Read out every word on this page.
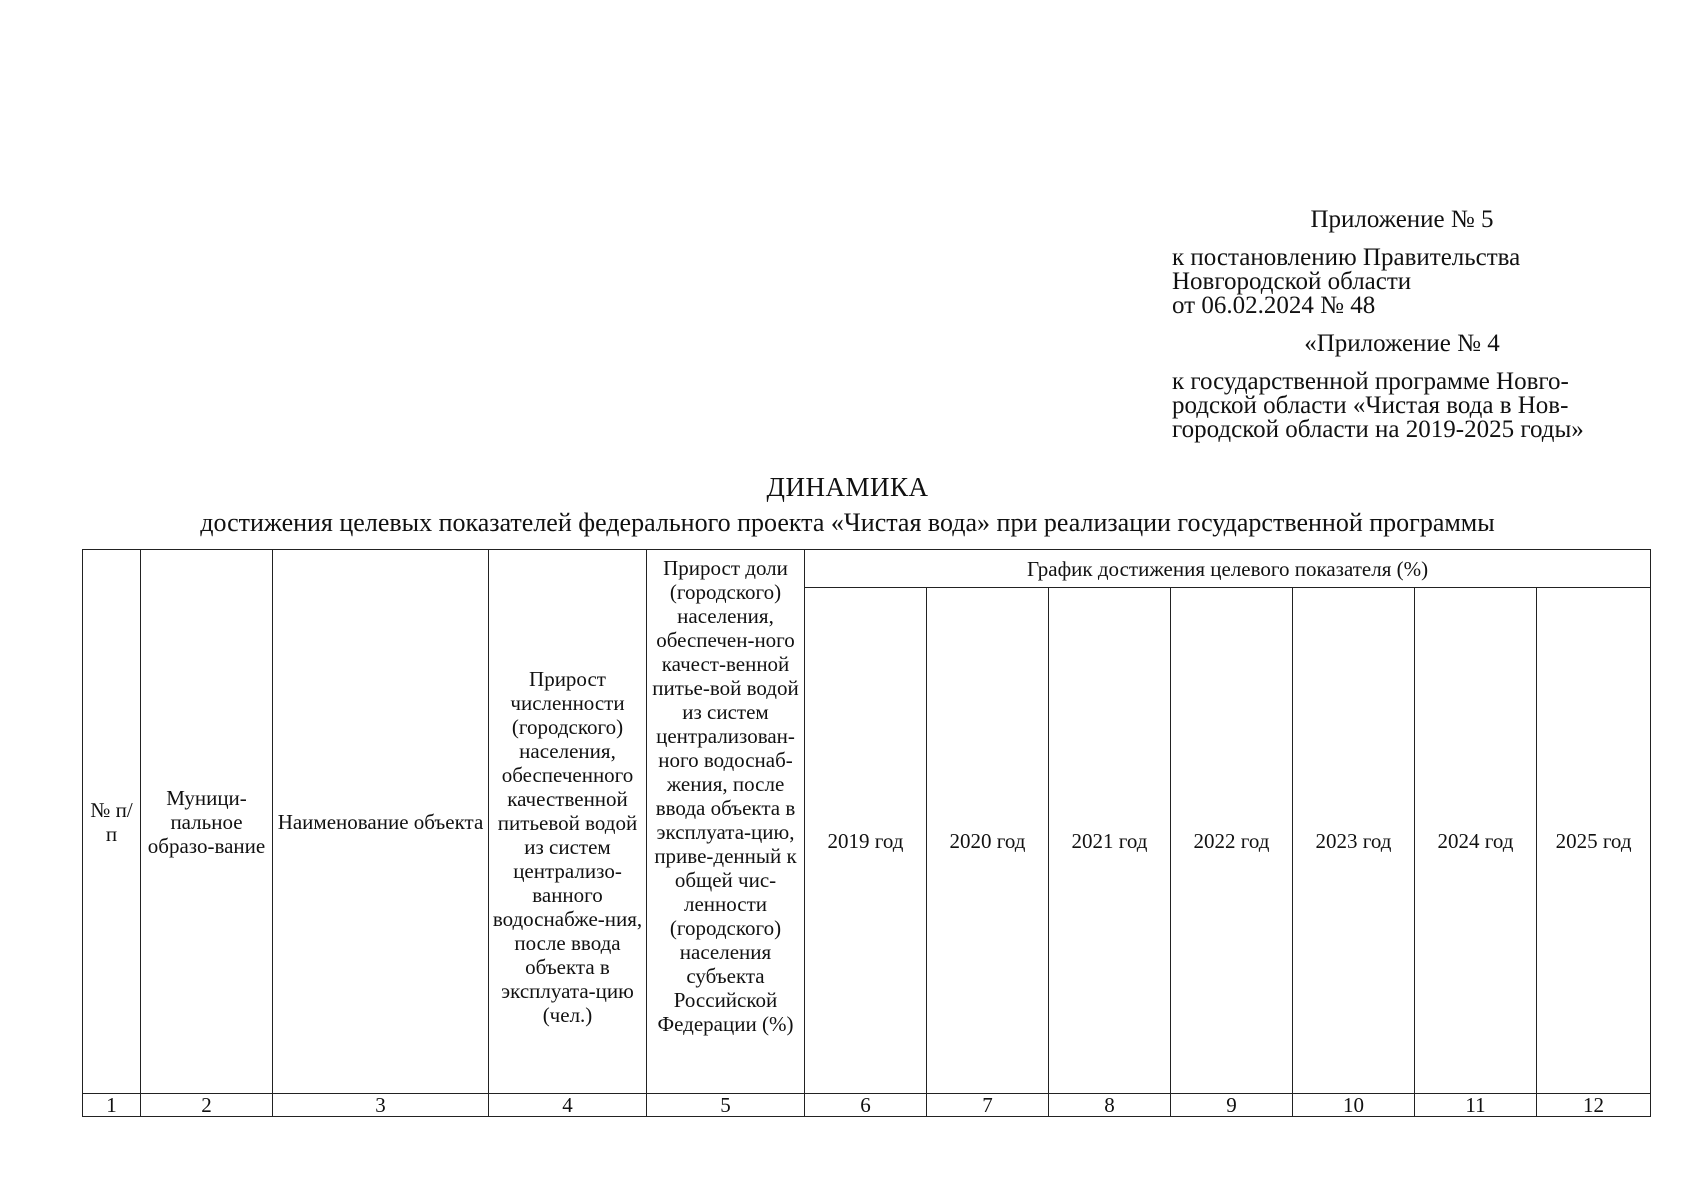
Приложение № 5
к постановлению Правительства
Новгородской области
от 06.02.2024 № 48
«Приложение № 4
к государственной программе Новго-
родской области «Чистая вода в Нов-
городской области на 2019-2025 годы»
ДИНАМИКА
достижения целевых показателей федерального проекта «Чистая вода» при реализации государственной программы
№ п/п	Муници-пальное образо-вание	Наименование объекта	Прирост численности (городского) населения, обеспеченного качественной питьевой водой из систем централизо-ванного водоснабже-ния, после ввода объекта в эксплуата-цию (чел.)	Прирост доли (городского) населения, обеспечен-ного качест-венной питье-вой водой из систем централизован-ного водоснаб-жения, после ввода объекта в эксплуата-цию, приве-денный к общей чис-ленности (городского) населения субъекта Российской Федерации (%)	График достижения целевого показателя (%)						
					2019 год	2020 год	2021 год	2022 год	2023 год	2024 год	2025 год
1	2	3	4	5	6	7	8	9	10	11	12
